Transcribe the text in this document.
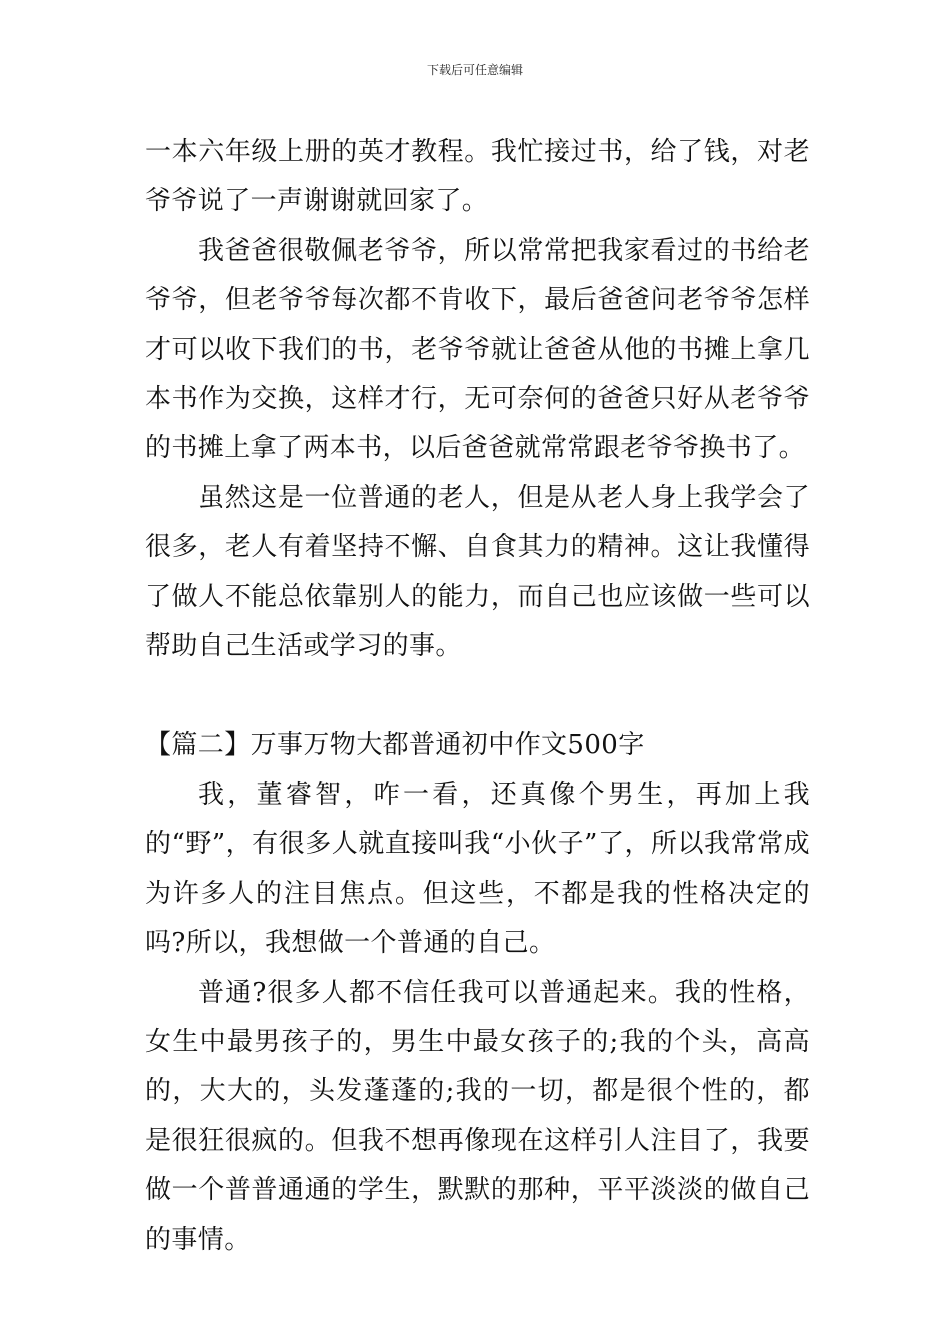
下载后可任意编辑

一本六年级上册的英才教程。我忙接过书，给了钱，对老爷爷说了一声谢谢就回家了。

我爸爸很敬佩老爷爷，所以常常把我家看过的书给老爷爷，但老爷爷每次都不肯收下，最后爸爸问老爷爷怎样才可以收下我们的书，老爷爷就让爸爸从他的书摊上拿几本书作为交换，这样才行，无可奈何的爸爸只好从老爷爷的书摊上拿了两本书，以后爸爸就常常跟老爷爷换书了。

虽然这是一位普通的老人，但是从老人身上我学会了很多，老人有着坚持不懈、自食其力的精神。这让我懂得了做人不能总依靠别人的能力，而自己也应该做一些可以帮助自己生活或学习的事。

【篇二】万事万物大都普通初中作文500字

我，董睿智，咋一看，还真像个男生，再加上我的“野”，有很多人就直接叫我“小伙子”了，所以我常常成为许多人的注目焦点。但这些，不都是我的性格决定的吗?所以，我想做一个普通的自己。

普通?很多人都不信任我可以普通起来。我的性格，女生中最男孩子的，男生中最女孩子的;我的个头，高高的，大大的，头发蓬蓬的;我的一切，都是很个性的，都是很狂很疯的。但我不想再像现在这样引人注目了，我要做一个普普通通的学生，默默的那种，平平淡淡的做自己的事情。
